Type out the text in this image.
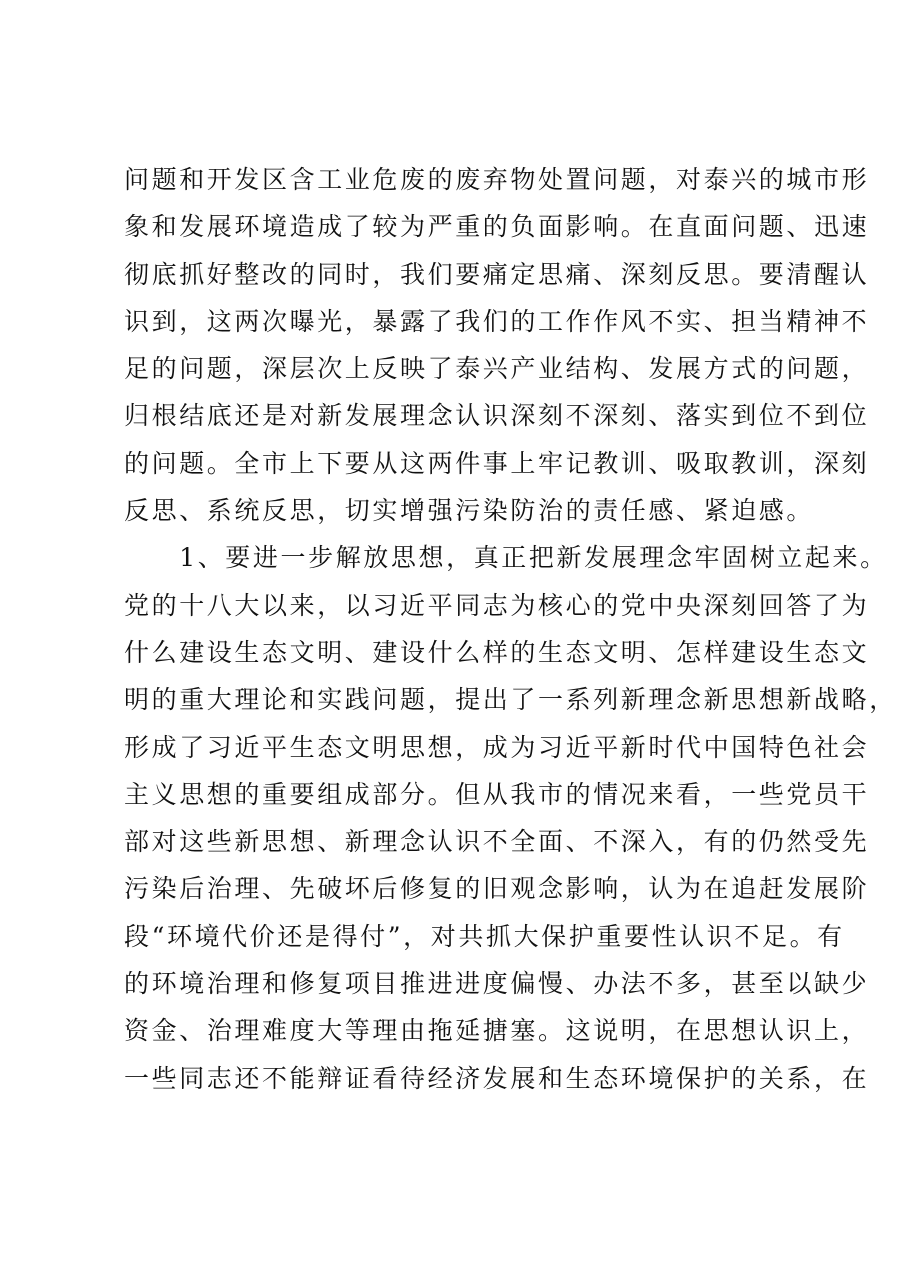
问题和开发区含工业危废的废弃物处置问题，对泰兴的城市形
象和发展环境造成了较为严重的负面影响。在直面问题、迅速
彻底抓好整改的同时，我们要痛定思痛、深刻反思。要清醒认
识到，这两次曝光，暴露了我们的工作作风不实、担当精神不
足的问题，深层次上反映了泰兴产业结构、发展方式的问题，
归根结底还是对新发展理念认识深刻不深刻、落实到位不到位
的问题。全市上下要从这两件事上牢记教训、吸取教训，深刻
反思、系统反思，切实增强污染防治的责任感、紧迫感。
　　1、要进一步解放思想，真正把新发展理念牢固树立起来。
党的十八大以来，以习近平同志为核心的党中央深刻回答了为
什么建设生态文明、建设什么样的生态文明、怎样建设生态文
明的重大理论和实践问题，提出了一系列新理念新思想新战略，
形成了习近平生态文明思想，成为习近平新时代中国特色社会
主义思想的重要组成部分。但从我市的情况来看，一些党员干
部对这些新思想、新理念认识不全面、不深入，有的仍然受先
污染后治理、先破坏后修复的旧观念影响，认为在追赶发展阶
段“环境代价还是得付”，对共抓大保护重要性认识不足。有
的环境治理和修复项目推进进度偏慢、办法不多，甚至以缺少
资金、治理难度大等理由拖延搪塞。这说明，在思想认识上，
一些同志还不能辩证看待经济发展和生态环境保护的关系，在
